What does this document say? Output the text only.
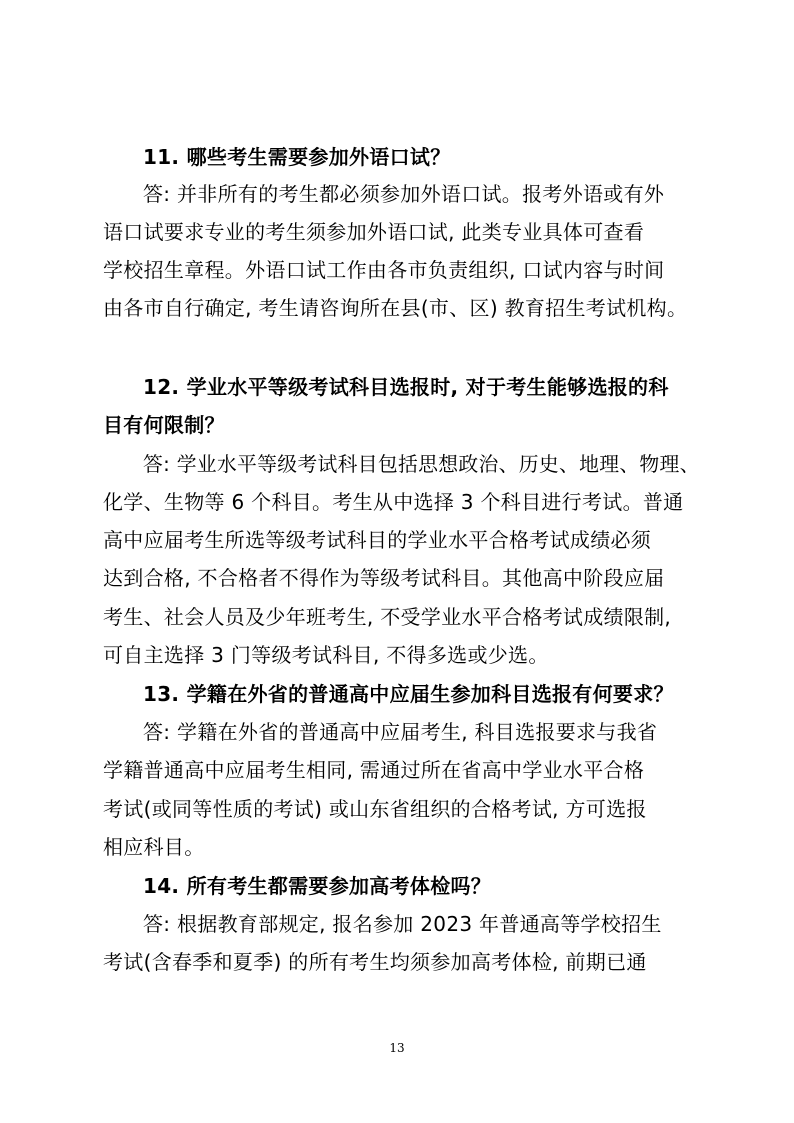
11. 哪些考生需要参加外语口试？
答: 并非所有的考生都必须参加外语口试。报考外语或有外
语口试要求专业的考生须参加外语口试, 此类专业具体可查看
学校招生章程。外语口试工作由各市负责组织, 口试内容与时间
由各市自行确定, 考生请咨询所在县(市、区) 教育招生考试机构。
12. 学业水平等级考试科目选报时, 对于考生能够选报的科
目有何限制？
答: 学业水平等级考试科目包括思想政治、历史、地理、物理、
化学、生物等 6 个科目。考生从中选择 3 个科目进行考试。普通
高中应届考生所选等级考试科目的学业水平合格考试成绩必须
达到合格, 不合格者不得作为等级考试科目。其他高中阶段应届
考生、社会人员及少年班考生, 不受学业水平合格考试成绩限制,
可自主选择 3 门等级考试科目, 不得多选或少选。
13. 学籍在外省的普通高中应届生参加科目选报有何要求？
答: 学籍在外省的普通高中应届考生, 科目选报要求与我省
学籍普通高中应届考生相同, 需通过所在省高中学业水平合格
考试(或同等性质的考试) 或山东省组织的合格考试, 方可选报
相应科目。
14. 所有考生都需要参加高考体检吗？
答: 根据教育部规定, 报名参加 2023 年普通高等学校招生
考试(含春季和夏季) 的所有考生均须参加高考体检, 前期已通
13
